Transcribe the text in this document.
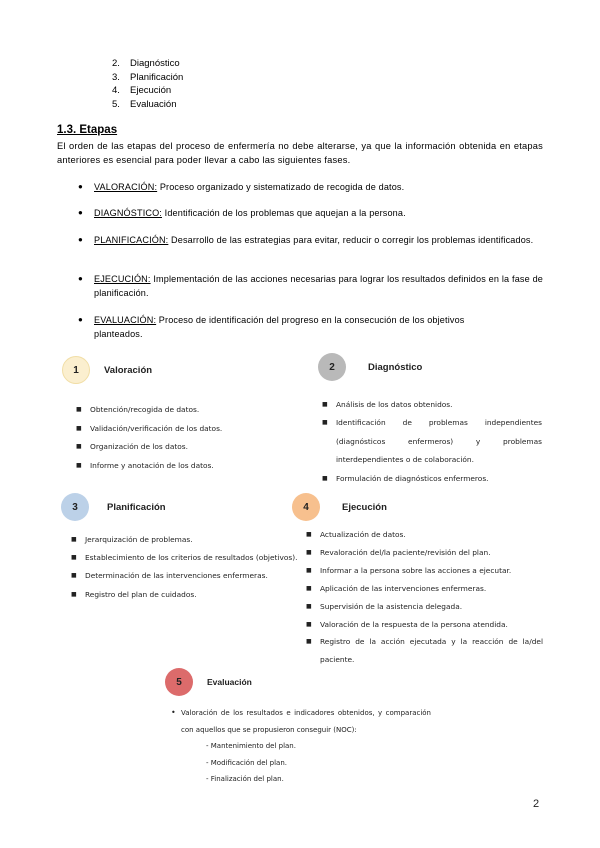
2.	Diagnóstico
3.	Planificación
4.	Ejecución
5.	Evaluación
1.3. Etapas

El orden de las etapas del proceso de enfermería no debe alterarse, ya que la información obtenida en etapas anteriores es esencial para poder llevar a cabo las siguientes fases.

●	VALORACIÓN: Proceso organizado y sistematizado de recogida de datos.
●	DIAGNÓSTICO: Identificación de los problemas que aquejan a la persona.
●	PLANIFICACIÓN: Desarrollo de las estrategias para evitar, reducir o corregir los problemas identificados.
●	EJECUCIÓN: Implementación de las acciones necesarias para lograr los resultados definidos en la fase de planificación.
●	EVALUACIÓN: Proceso de identificación del progreso en la consecución de los objetivos planteados.
1	Valoración
■	Obtención/recogida de datos.
■	Validación/verificación de los datos.
■	Organización de los datos.
■	Informe y anotación de los datos.
2	Diagnóstico
■	Análisis de los datos obtenidos.
■	Identificación de problemas independientes (diagnósticos enfermeros) y problemas interdependientes o de colaboración.
■	Formulación de diagnósticos enfermeros.
3	Planificación
■	Jerarquización de problemas.
■	Establecimiento de los criterios de resultados (objetivos).
■	Determinación de las intervenciones enfermeras.
■	Registro del plan de cuidados.
4	Ejecución
■	Actualización de datos.
■	Revaloración del/la paciente/revisión del plan.
■	Informar a la persona sobre las acciones a ejecutar.
■	Aplicación de las intervenciones enfermeras.
■	Supervisión de la asistencia delegada.
■	Valoración de la respuesta de la persona atendida.
■	Registro de la acción ejecutada y la reacción de la/del paciente.
5	Evaluación
• Valoración de los resultados e indicadores obtenidos, y comparación con aquellos que se propusieron conseguir (NOC):
- Mantenimiento del plan.
- Modificación del plan.
- Finalización del plan.
2
